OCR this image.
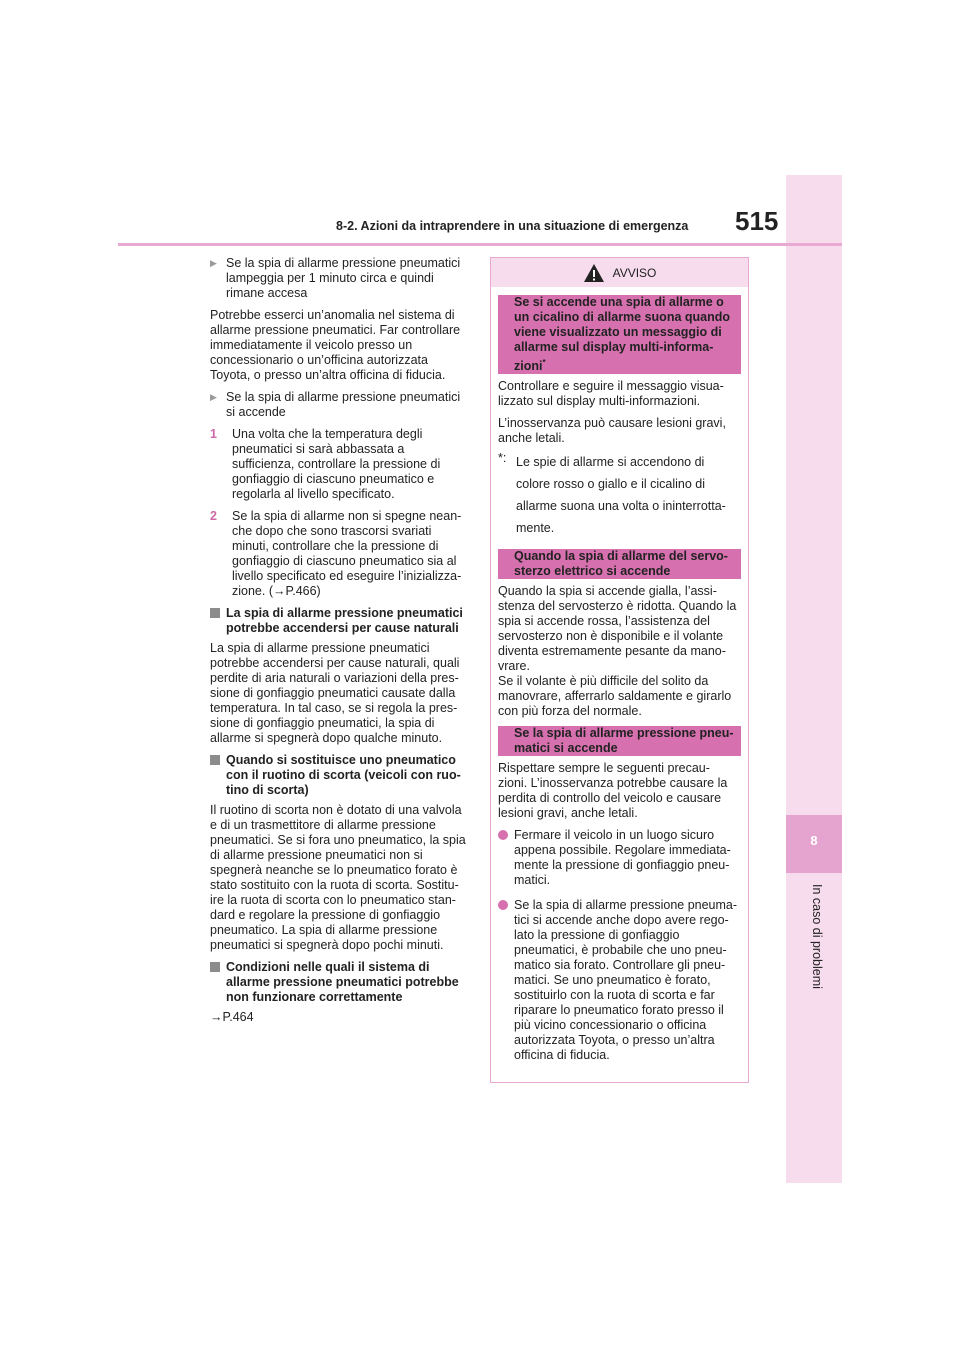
8
In caso di problemi
8-2. Azioni da intraprendere in una situazione di emergenza	515
▶ Se la spia di allarme pressione pneumatici lampeggia per 1 minuto circa e quindi rimane accesa

Potrebbe esserci un’anomalia nel sistema di allarme pressione pneumatici. Far controllare immediatamente il veicolo presso un concessionario o un’officina autorizzata Toyota, o presso un’altra officina di fiducia.

▶ Se la spia di allarme pressione pneumatici si accende
1	Una volta che la temperatura degli pneumatici si sarà abbassata a sufficienza, controllare la pressione di gonfiaggio di ciascuno pneumatico e regolarla al livello specificato.
2	Se la spia di allarme non si spegne nean- che dopo che sono trascorsi svariati minuti, controllare che la pressione di gonfiaggio di ciascuno pneumatico sia al livello specificato ed eseguire l’inizializza- zione. (→P.466)
La spia di allarme pressione pneumatici potrebbe accendersi per cause naturali

La spia di allarme pressione pneumatici potrebbe accendersi per cause naturali, quali perdite di aria naturali o variazioni della pres- sione di gonfiaggio pneumatici causate dalla temperatura. In tal caso, se si regola la pres- sione di gonfiaggio pneumatici, la spia di allarme si spegnerà dopo qualche minuto.

Quando si sostituisce uno pneumatico con il ruotino di scorta (veicoli con ruo- tino di scorta)

Il ruotino di scorta non è dotato di una valvola e di un trasmettitore di allarme pressione pneumatici. Se si fora uno pneumatico, la spia di allarme pressione pneumatici non si spegnerà neanche se lo pneumatico forato è stato sostituito con la ruota di scorta. Sostitu- ire la ruota di scorta con lo pneumatico stan- dard e regolare la pressione di gonfiaggio pneumatico. La spia di allarme pressione pneumatici si spegnerà dopo pochi minuti.

Condizioni nelle quali il sistema di allarme pressione pneumatici potrebbe non funzionare correttamente

→P.464

AVVISO
Se si accende una spia di allarme o un cicalino di allarme suona quando viene visualizzato un messaggio di allarme sul display multi-informa- zioni*

Controllare e seguire il messaggio visua- lizzato sul display multi-informazioni.

L’inosservanza può causare lesioni gravi, anche letali.

*: Le spie di allarme si accendono di colore rosso o giallo e il cicalino di allarme suona una volta o ininterrotta- mente.
Quando la spia di allarme del servo- sterzo elettrico si accende

Quando la spia si accende gialla, l’assi- stenza del servosterzo è ridotta. Quando la spia si accende rossa, l’assistenza del servosterzo non è disponibile e il volante diventa estremamente pesante da mano- vrare.

Se il volante è più difficile del solito da manovrare, afferrarlo saldamente e girarlo con più forza del normale.

Se la spia di allarme pressione pneu- matici si accende

Rispettare sempre le seguenti precau- zioni. L’inosservanza potrebbe causare la perdita di controllo del veicolo e causare lesioni gravi, anche letali.

Fermare il veicolo in un luogo sicuro appena possibile. Regolare immediata- mente la pressione di gonfiaggio pneu- matici.
Se la spia di allarme pressione pneuma- tici si accende anche dopo avere rego- lato la pressione di gonfiaggio pneumatici, è probabile che uno pneu- matico sia forato. Controllare gli pneu- matici. Se uno pneumatico è forato, sostituirlo con la ruota di scorta e far riparare lo pneumatico forato presso il più vicino concessionario o officina autorizzata Toyota, o presso un’altra officina di fiducia.
